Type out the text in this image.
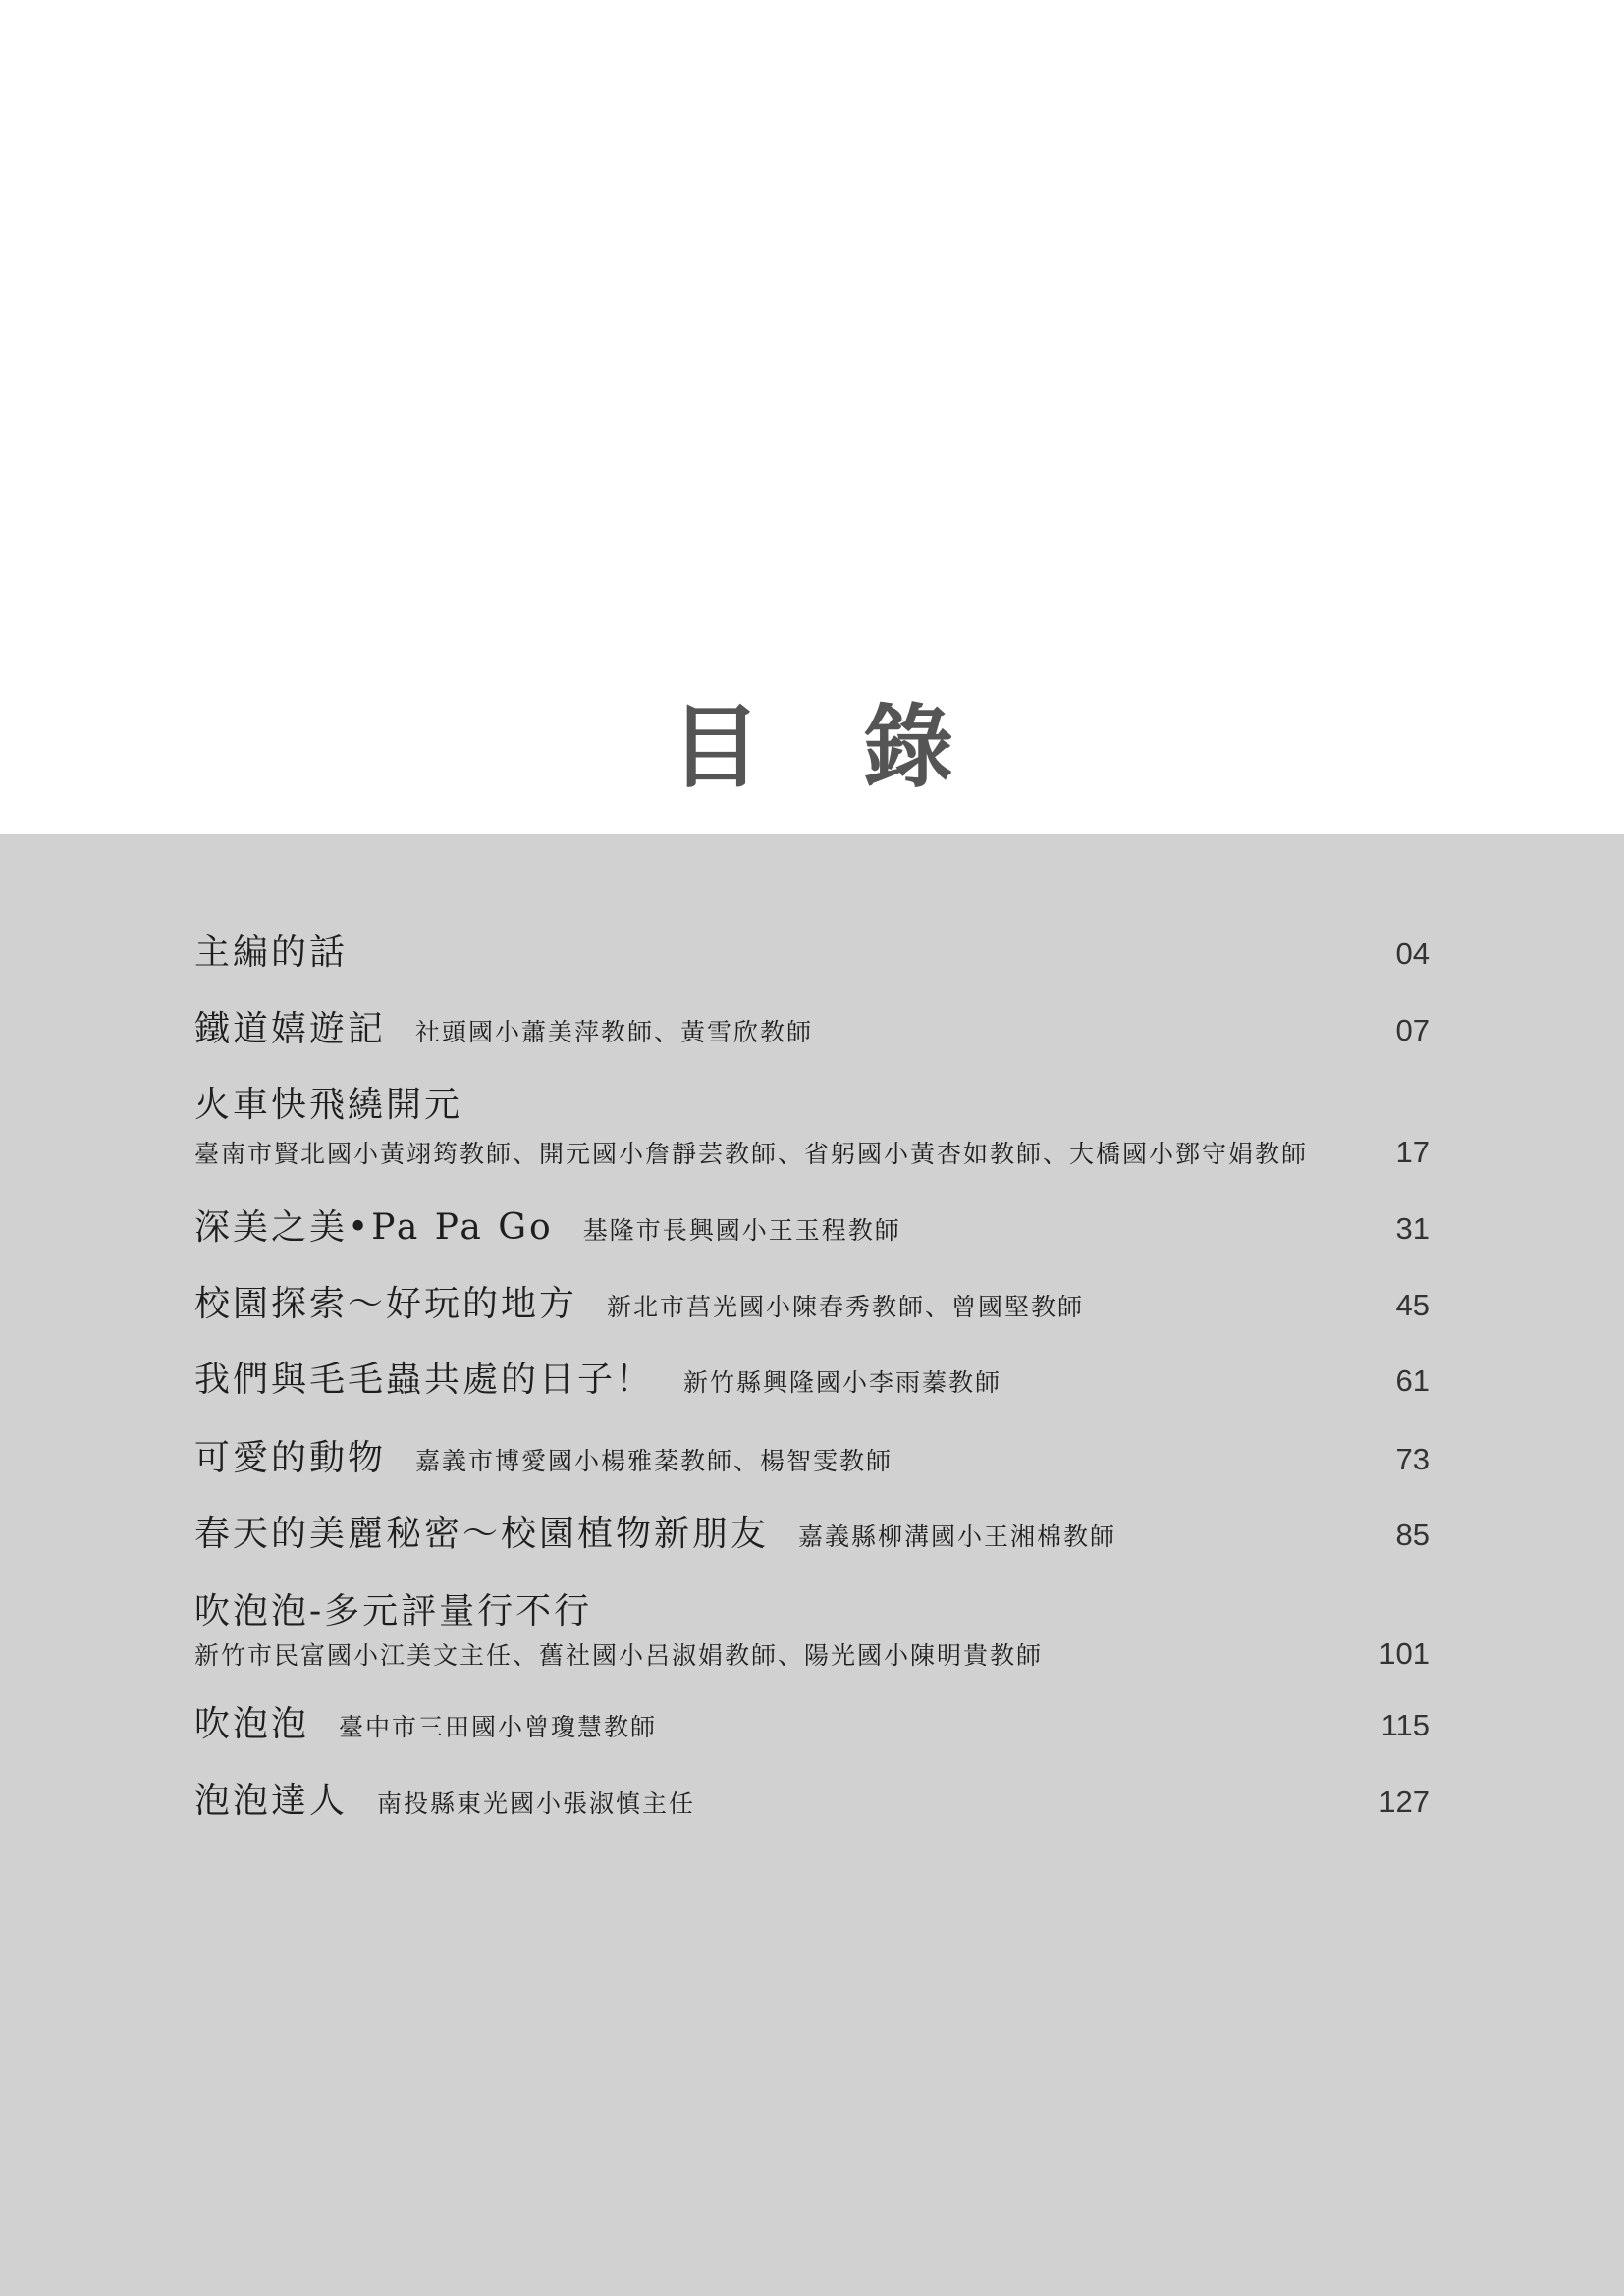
目 錄
主編的話	04
鐵道嬉遊記 社頭國小蕭美萍教師、黃雪欣教師	07
火車快飛繞開元
臺南市賢北國小黃翊筠教師、開元國小詹靜芸教師、省躬國小黃杏如教師、大橋國小鄧守娟教師	17
深美之美•Pa Pa Go 基隆市長興國小王玉程教師	31
校園探索～好玩的地方 新北市莒光國小陳春秀教師、曾國堅教師	45
我們與毛毛蟲共處的日子！ 新竹縣興隆國小李雨蓁教師	61
可愛的動物 嘉義市博愛國小楊雅棻教師、楊智雯教師	73
春天的美麗秘密～校園植物新朋友 嘉義縣柳溝國小王湘棉教師	85
吹泡泡-多元評量行不行
新竹市民富國小江美文主任、舊社國小呂淑娟教師、陽光國小陳明貴教師	101
吹泡泡 臺中市三田國小曾瓊慧教師	115
泡泡達人 南投縣東光國小張淑慎主任	127
